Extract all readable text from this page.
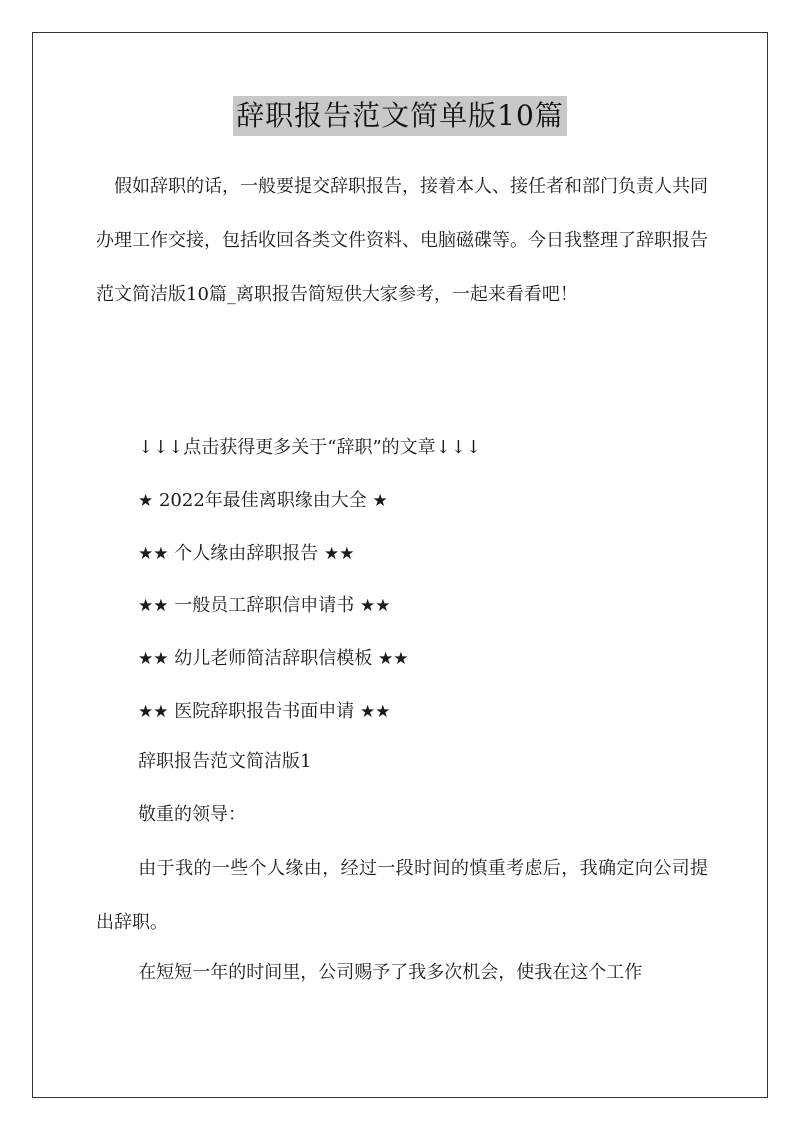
辞职报告范文简单版10篇

假如辞职的话，一般要提交辞职报告，接着本人、接任者和部门负责人共同办理工作交接，包括收回各类文件资料、电脑磁碟等。今日我整理了辞职报告范文简洁版10篇_离职报告简短供大家参考，一起来看看吧！

↓↓↓点击获得更多关于“辞职”的文章↓↓↓

★ 2022年最佳离职缘由大全 ★

★★ 个人缘由辞职报告 ★★

★★ 一般员工辞职信申请书 ★★

★★ 幼儿老师简洁辞职信模板 ★★

★★ 医院辞职报告书面申请 ★★

辞职报告范文简洁版1

敬重的领导：

由于我的一些个人缘由，经过一段时间的慎重考虑后，我确定向公司提出辞职。

在短短一年的时间里，公司赐予了我多次机会，使我在这个工作
